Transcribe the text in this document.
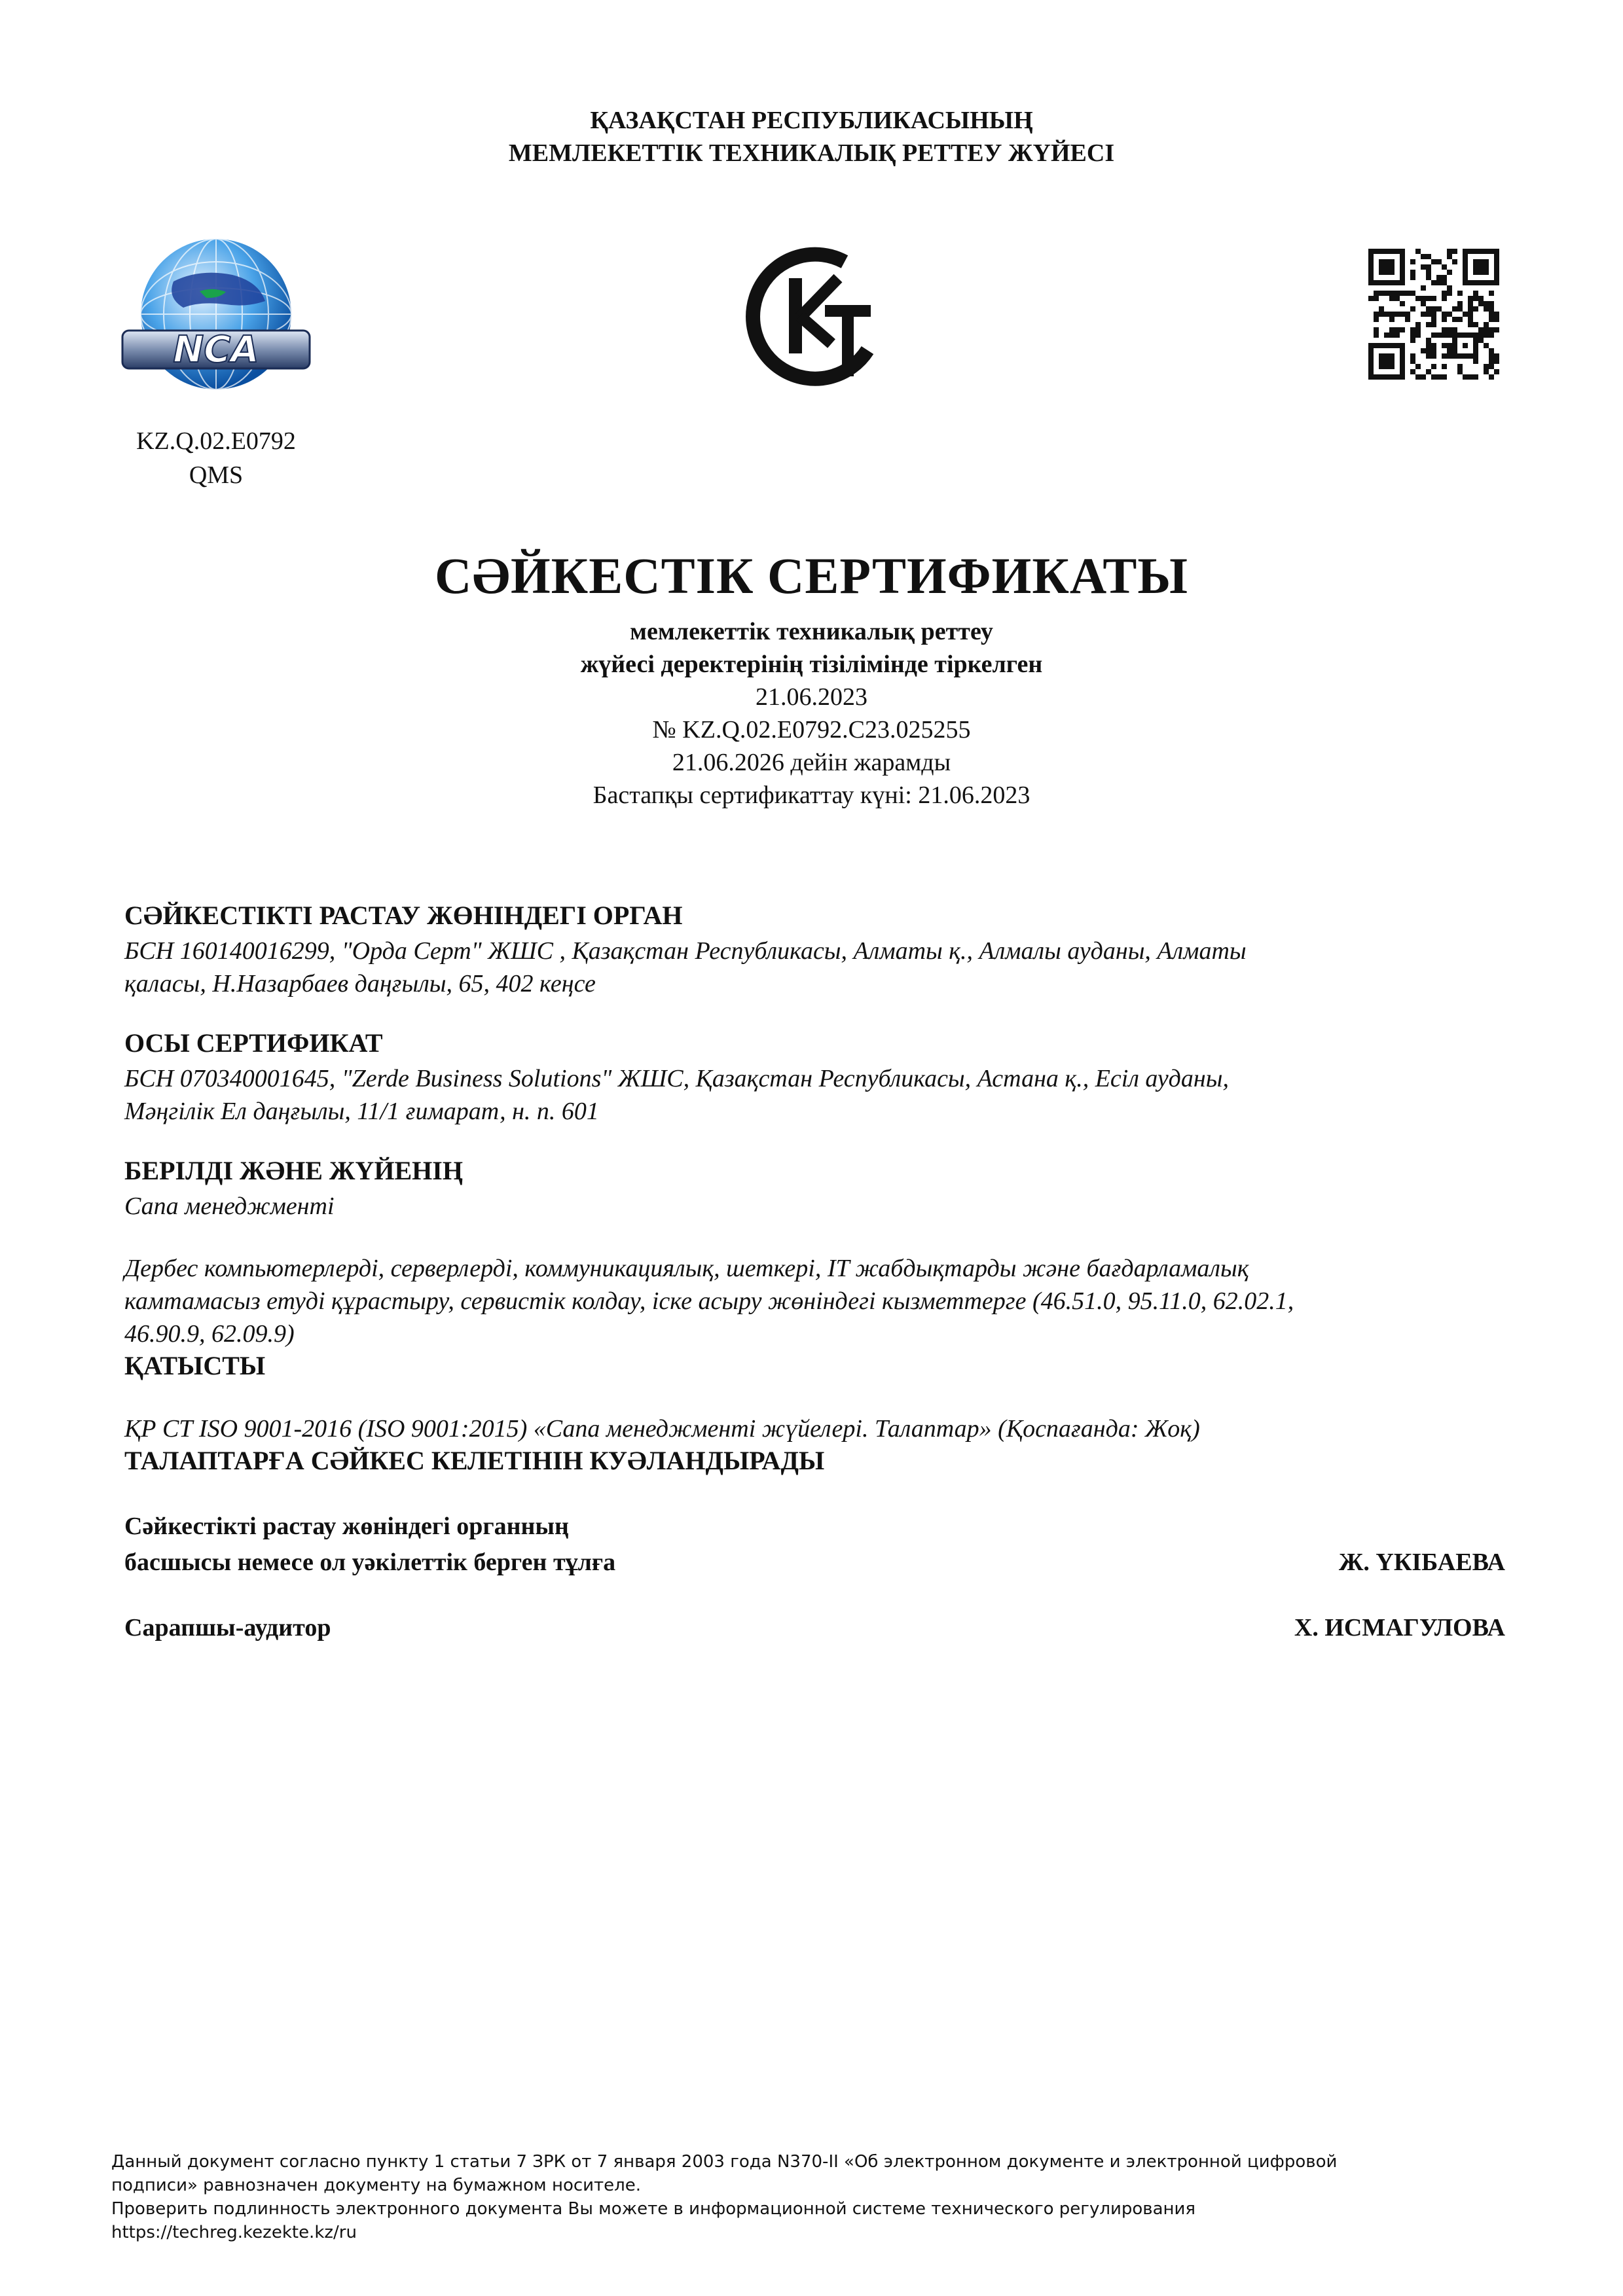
ҚАЗАҚСТАН РЕСПУБЛИКАСЫНЫҢ
МЕМЛЕКЕТТІК ТЕХНИКАЛЫҚ РЕТТЕУ ЖҮЙЕСІ
NCA
KZ.Q.02.E0792
QMS
СӘЙКЕСТІК СЕРТИФИКАТЫ
мемлекеттік техникалық реттеу
жүйесі деректерінің тізілімінде тіркелген
21.06.2023
№ KZ.Q.02.E0792.C23.025255
21.06.2026 дейін жарамды
Бастапқы сертификаттау күні: 21.06.2023
СӘЙКЕСТІКТІ РАСТАУ ЖӨНІНДЕГІ ОРГАН
БСН 160140016299, "Орда Серт" ЖШС , Қазақстан Республикасы, Алматы қ., Алмалы ауданы, Алматы
қаласы, Н.Назарбаев даңғылы, 65, 402 кеңсе
ОСЫ СЕРТИФИКАТ
БСН 070340001645, "Zerde Business Solutions" ЖШС, Қазақстан Республикасы, Астана қ., Есіл ауданы,
Мәңгілік Ел даңғылы, 11/1 ғимарат, н. п. 601
БЕРІЛДІ ЖӘНЕ ЖҮЙЕНІҢ
Сапа менеджменті
Дербес компьютерлерді, серверлерді, коммуникациялық, шеткері, IT жабдықтарды және бағдарламалық
камтамасыз етуді құрастыру, сервистік колдау, іске асыру жөніндегі кызметтерге (46.51.0, 95.11.0, 62.02.1,
46.90.9, 62.09.9)
ҚАТЫСТЫ
ҚР СТ ISO 9001-2016 (ISO 9001:2015) «Сапа менеджменті жүйелері. Талаптар» (Қоспағанда: Жоқ)
ТАЛАПТАРҒА СӘЙКЕС КЕЛЕТІНІН КУӘЛАНДЫРАДЫ
Сәйкестікті растау жөніндегі органның
басшысы немесе ол уәкілеттік берген тұлға	Ж. ҮКІБАЕВА
Сарапшы-аудитор	Х. ИСМАГУЛОВА
Данный документ согласно пункту 1 статьи 7 ЗРК от 7 января 2003 года N370-II «Об электронном документе и электронной цифровой
подписи» равнозначен документу на бумажном носителе.
Проверить подлинность электронного документа Вы можете в информационной системе технического регулирования
https://techreg.kezekte.kz/ru
